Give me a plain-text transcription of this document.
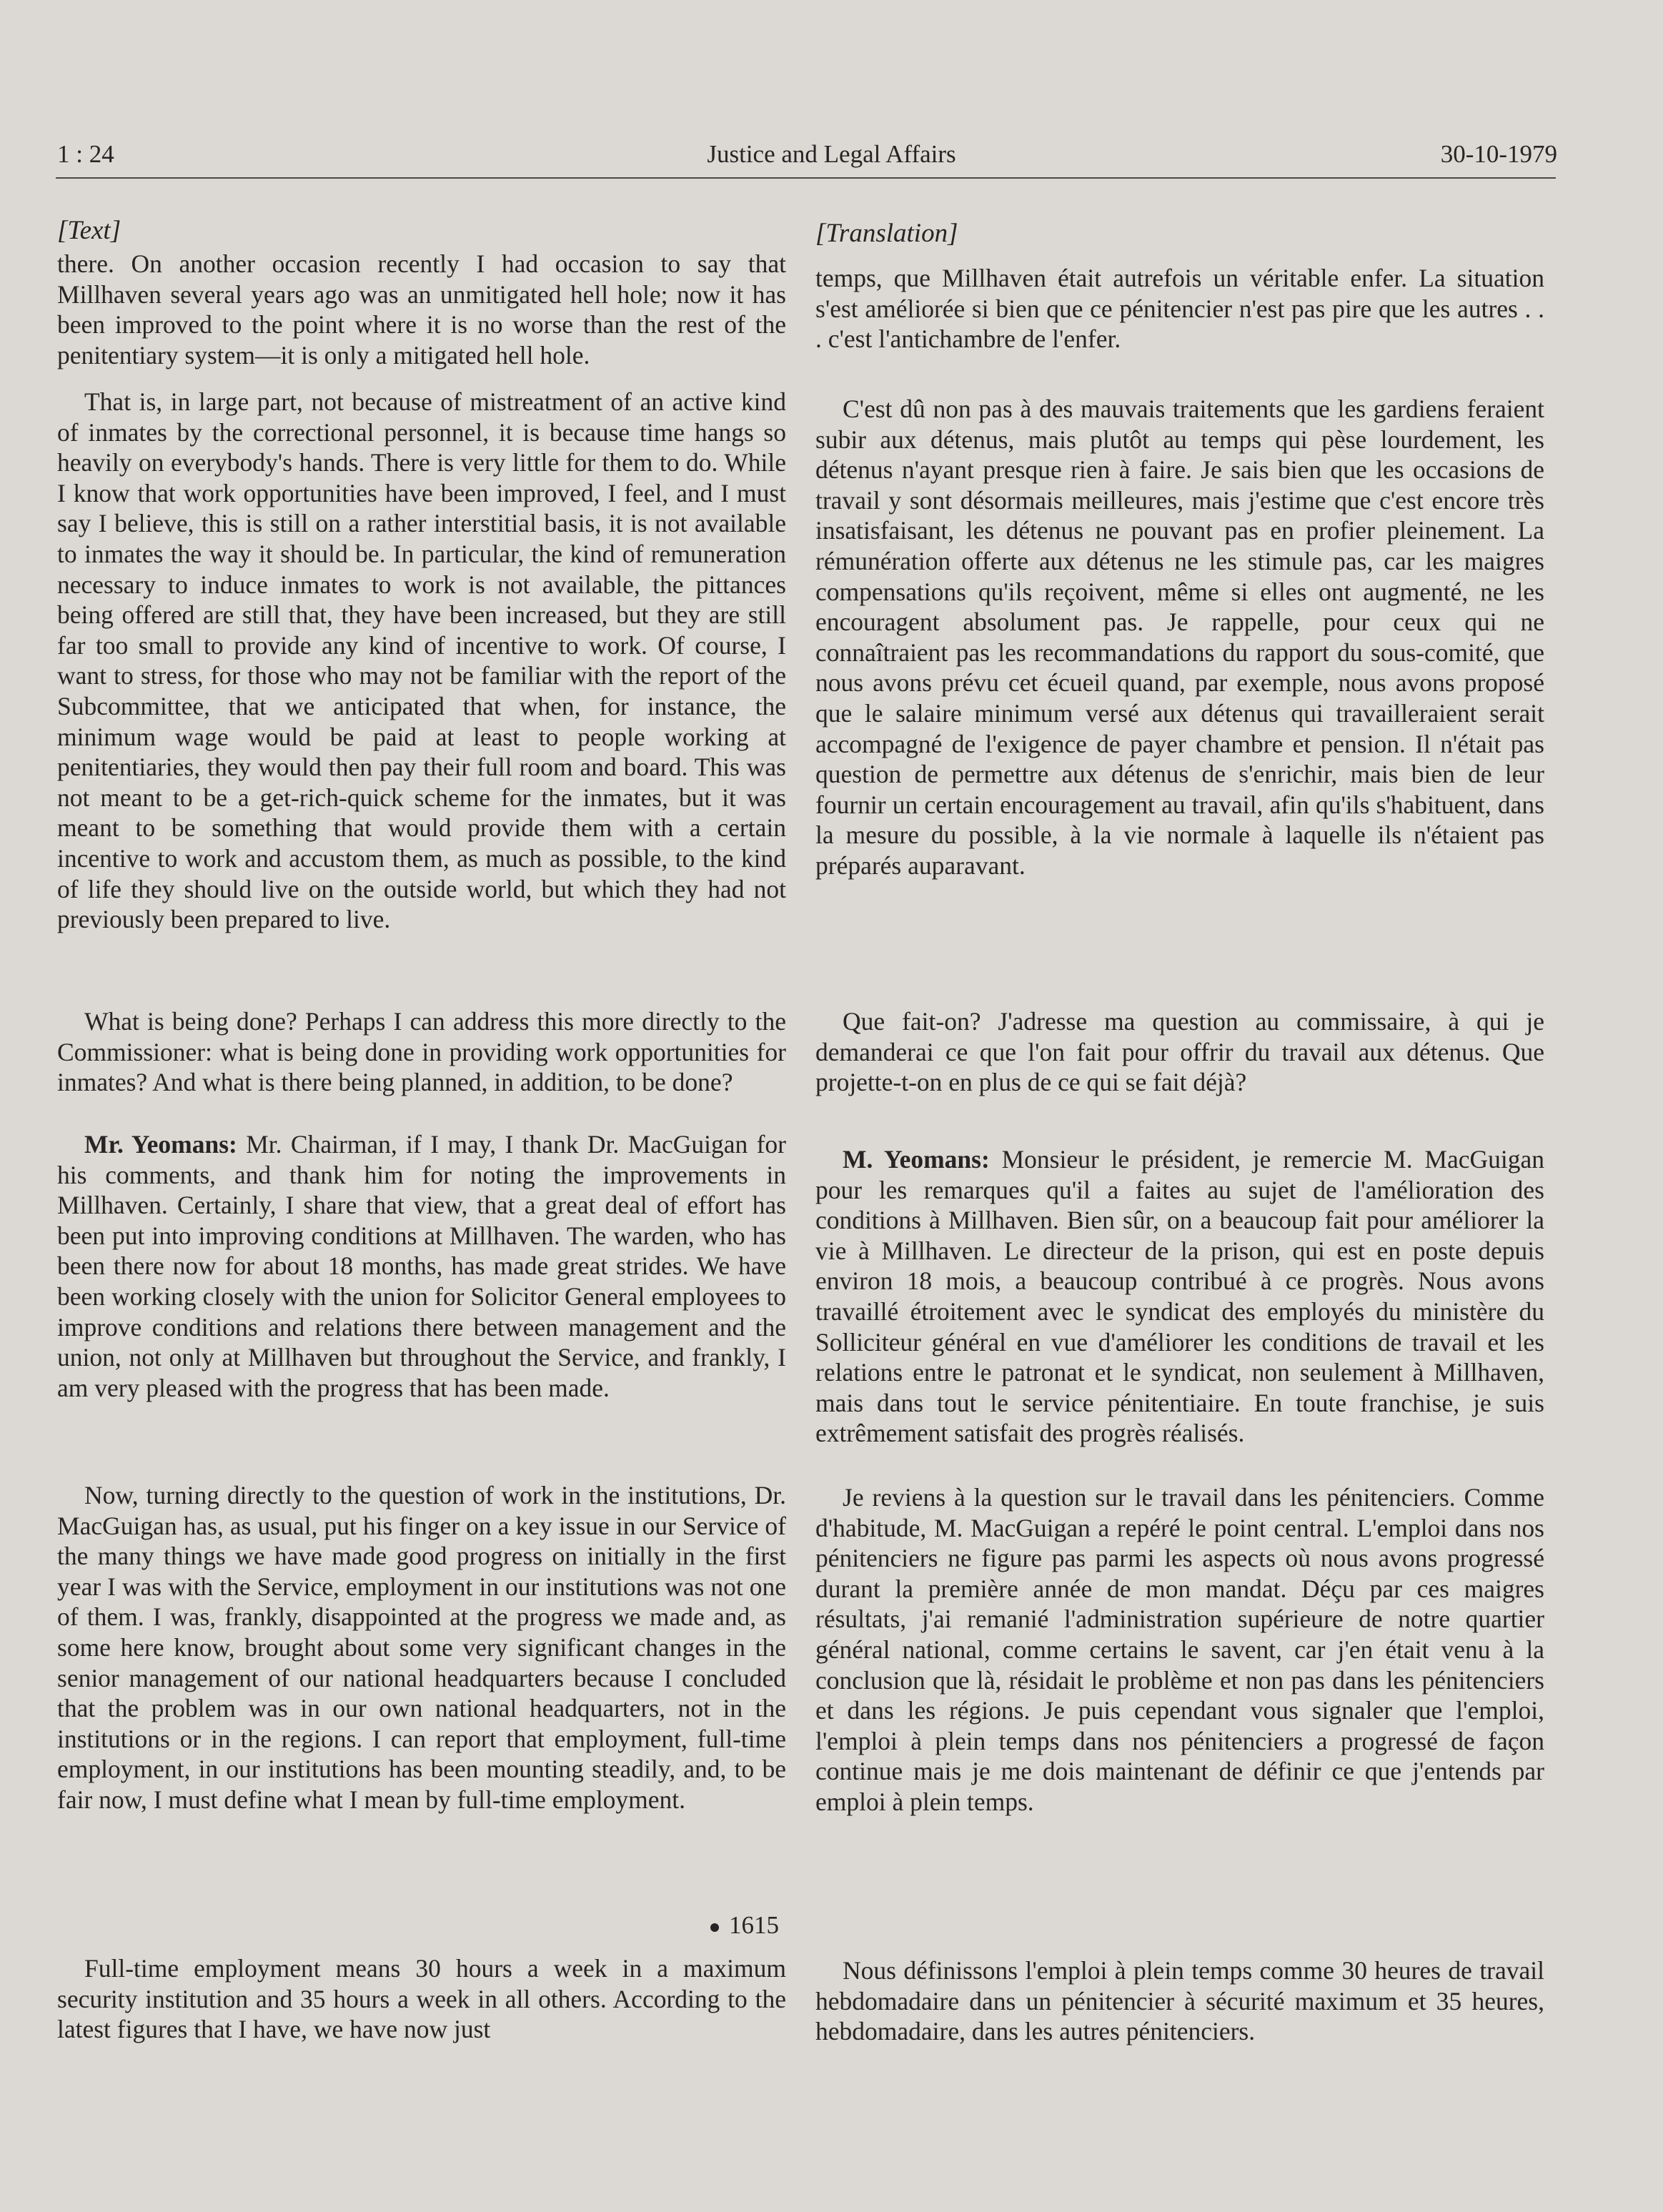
1 : 24	Justice and Legal Affairs	30-10-1979
[Text]

there. On another occasion recently I had occasion to say that Millhaven several years ago was an unmitigated hell hole; now it has been improved to the point where it is no worse than the rest of the penitentiary system—it is only a mitigated hell hole.

That is, in large part, not because of mistreatment of an active kind of inmates by the correctional personnel, it is because time hangs so heavily on everybody's hands. There is very little for them to do. While I know that work opportunities have been improved, I feel, and I must say I believe, this is still on a rather interstitial basis, it is not available to inmates the way it should be. In particular, the kind of remuneration necessary to induce inmates to work is not available, the pittances being offered are still that, they have been increased, but they are still far too small to provide any kind of incentive to work. Of course, I want to stress, for those who may not be familiar with the report of the Subcommittee, that we anticipated that when, for instance, the minimum wage would be paid at least to people working at penitentiaries, they would then pay their full room and board. This was not meant to be a get-rich-quick scheme for the inmates, but it was meant to be something that would provide them with a certain incentive to work and accustom them, as much as possible, to the kind of life they should live on the outside world, but which they had not previously been prepared to live.

What is being done? Perhaps I can address this more directly to the Commissioner: what is being done in providing work opportunities for inmates? And what is there being planned, in addition, to be done?

Mr. Yeomans: Mr. Chairman, if I may, I thank Dr. MacGuigan for his comments, and thank him for noting the improvements in Millhaven. Certainly, I share that view, that a great deal of effort has been put into improving conditions at Millhaven. The warden, who has been there now for about 18 months, has made great strides. We have been working closely with the union for Solicitor General employees to improve conditions and relations there between management and the union, not only at Millhaven but throughout the Service, and frankly, I am very pleased with the progress that has been made.

Now, turning directly to the question of work in the institutions, Dr. MacGuigan has, as usual, put his finger on a key issue in our Service of the many things we have made good progress on initially in the first year I was with the Service, employment in our institutions was not one of them. I was, frankly, disappointed at the progress we made and, as some here know, brought about some very significant changes in the senior management of our national headquarters because I concluded that the problem was in our own national headquarters, not in the institutions or in the regions. I can report that employment, full-time employment, in our institutions has been mounting steadily, and, to be fair now, I must define what I mean by full-time employment.

1615

Full-time employment means 30 hours a week in a maximum security institution and 35 hours a week in all others. According to the latest figures that I have, we have now just

[Translation]

temps, que Millhaven était autrefois un véritable enfer. La situation s'est améliorée si bien que ce pénitencier n'est pas pire que les autres . . . c'est l'antichambre de l'enfer.

C'est dû non pas à des mauvais traitements que les gardiens feraient subir aux détenus, mais plutôt au temps qui pèse lourdement, les détenus n'ayant presque rien à faire. Je sais bien que les occasions de travail y sont désormais meilleures, mais j'estime que c'est encore très insatisfaisant, les détenus ne pouvant pas en profier pleinement. La rémunération offerte aux détenus ne les stimule pas, car les maigres compensations qu'ils reçoivent, même si elles ont augmenté, ne les encouragent absolument pas. Je rappelle, pour ceux qui ne connaîtraient pas les recommandations du rapport du sous-comité, que nous avons prévu cet écueil quand, par exemple, nous avons proposé que le salaire minimum versé aux détenus qui travailleraient serait accompagné de l'exigence de payer chambre et pension. Il n'était pas question de permettre aux détenus de s'enrichir, mais bien de leur fournir un certain encouragement au travail, afin qu'ils s'habituent, dans la mesure du possible, à la vie normale à laquelle ils n'étaient pas préparés auparavant.

Que fait-on? J'adresse ma question au commissaire, à qui je demanderai ce que l'on fait pour offrir du travail aux détenus. Que projette-t-on en plus de ce qui se fait déjà?

M. Yeomans: Monsieur le président, je remercie M. MacGuigan pour les remarques qu'il a faites au sujet de l'amélioration des conditions à Millhaven. Bien sûr, on a beaucoup fait pour améliorer la vie à Millhaven. Le directeur de la prison, qui est en poste depuis environ 18 mois, a beaucoup contribué à ce progrès. Nous avons travaillé étroitement avec le syndicat des employés du ministère du Solliciteur général en vue d'améliorer les conditions de travail et les relations entre le patronat et le syndicat, non seulement à Millhaven, mais dans tout le service pénitentiaire. En toute franchise, je suis extrêmement satisfait des progrès réalisés.

Je reviens à la question sur le travail dans les pénitenciers. Comme d'habitude, M. MacGuigan a repéré le point central. L'emploi dans nos pénitenciers ne figure pas parmi les aspects où nous avons progressé durant la première année de mon mandat. Déçu par ces maigres résultats, j'ai remanié l'administration supérieure de notre quartier général national, comme certains le savent, car j'en était venu à la conclusion que là, résidait le problème et non pas dans les pénitenciers et dans les régions. Je puis cependant vous signaler que l'emploi, l'emploi à plein temps dans nos pénitenciers a progressé de façon continue mais je me dois maintenant de définir ce que j'entends par emploi à plein temps.

Nous définissons l'emploi à plein temps comme 30 heures de travail hebdomadaire dans un pénitencier à sécurité maximum et 35 heures, hebdomadaire, dans les autres pénitenciers.
